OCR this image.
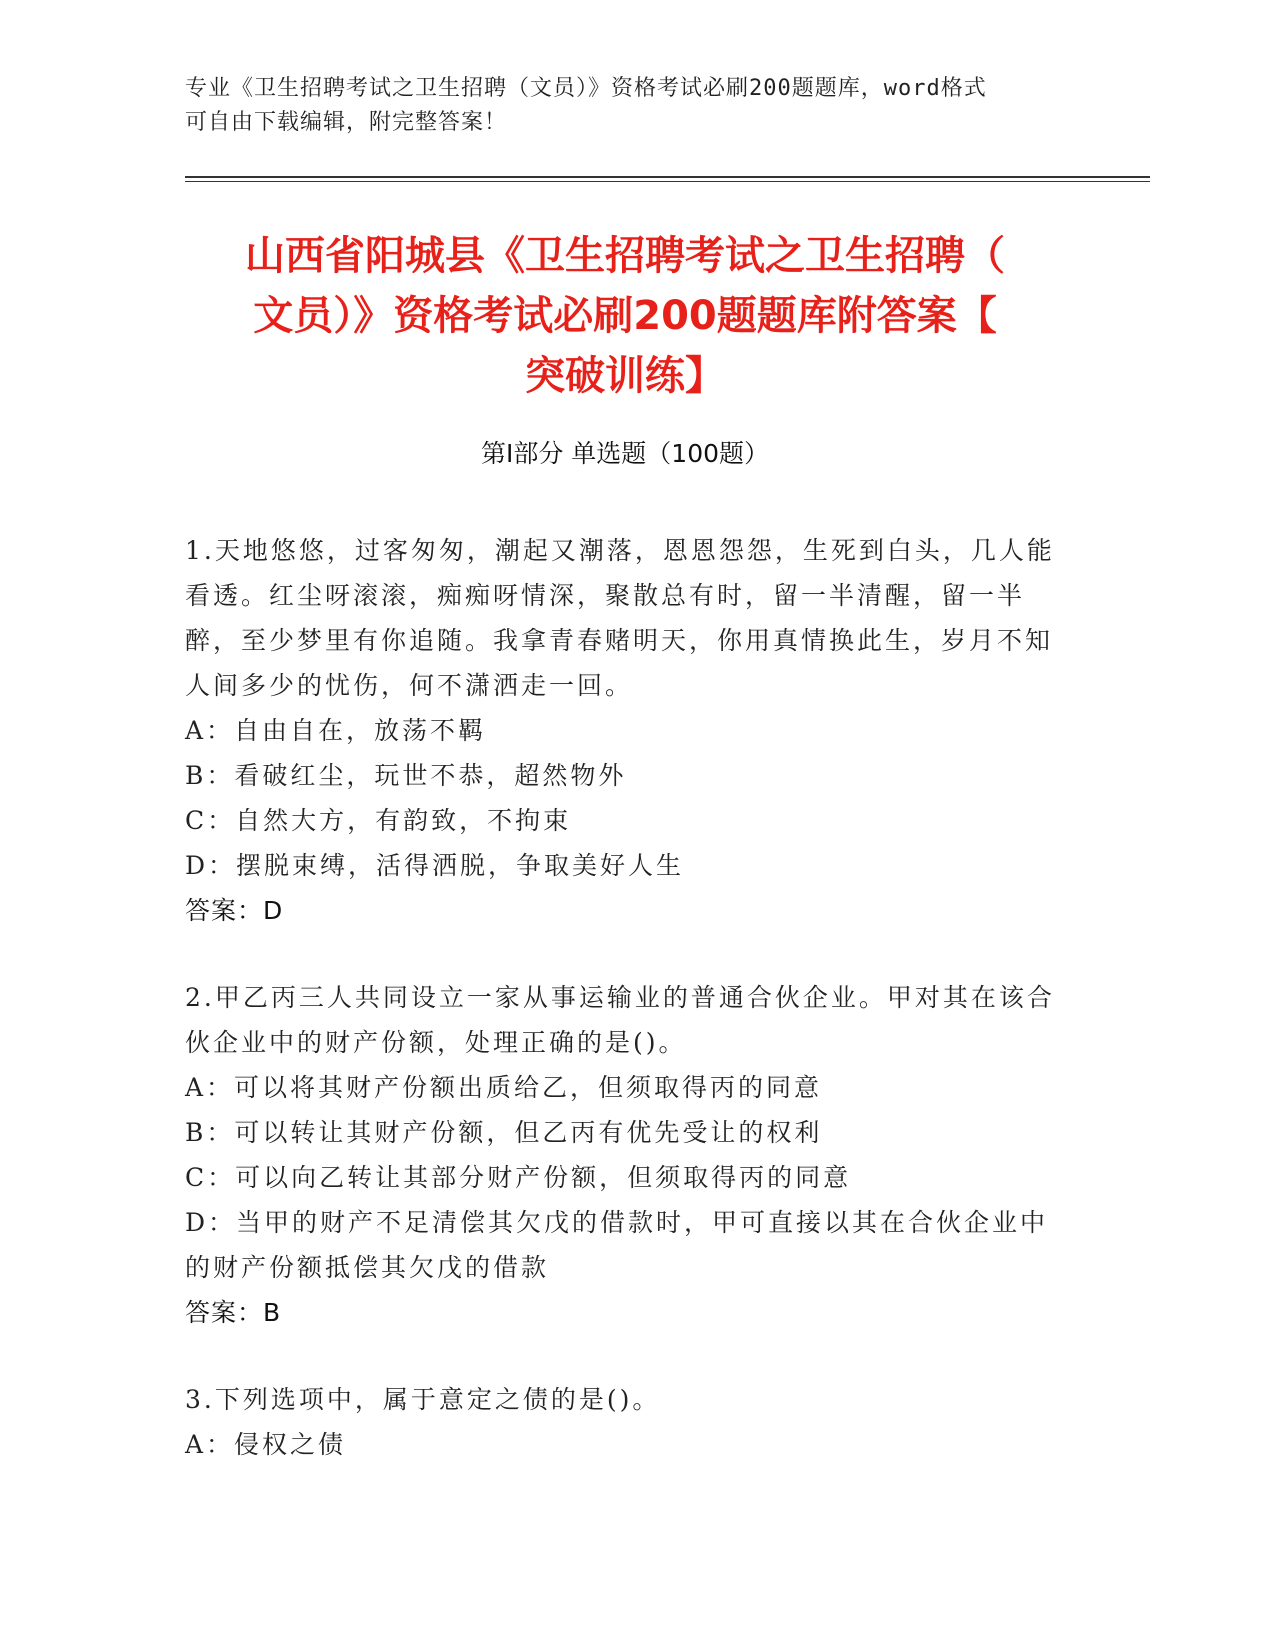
专业《卫生招聘考试之卫生招聘（文员）》资格考试必刷200题题库，word格式
可自由下载编辑，附完整答案！
山西省阳城县《卫生招聘考试之卫生招聘（
文员）》资格考试必刷200题题库附答案【
突破训练】
第Ⅰ部分 单选题（100题）

1.天地悠悠，过客匆匆，潮起又潮落，恩恩怨怨，生死到白头，几人能看透。红尘呀滚滚，痴痴呀情深，聚散总有时，留一半清醒，留一半醉，至少梦里有你追随。我拿青春赌明天，你用真情换此生，岁月不知人间多少的忧伤，何不潇洒走一回。

A：自由自在，放荡不羁

B：看破红尘，玩世不恭，超然物外

C：自然大方，有韵致，不拘束

D：摆脱束缚，活得洒脱，争取美好人生

答案：D

2.甲乙丙三人共同设立一家从事运输业的普通合伙企业。甲对其在该合伙企业中的财产份额，处理正确的是()。

A：可以将其财产份额出质给乙，但须取得丙的同意

B：可以转让其财产份额，但乙丙有优先受让的权利

C：可以向乙转让其部分财产份额，但须取得丙的同意

D：当甲的财产不足清偿其欠戊的借款时，甲可直接以其在合伙企业中的财产份额抵偿其欠戊的借款

答案：B

3.下列选项中，属于意定之债的是()。

A：侵权之债
